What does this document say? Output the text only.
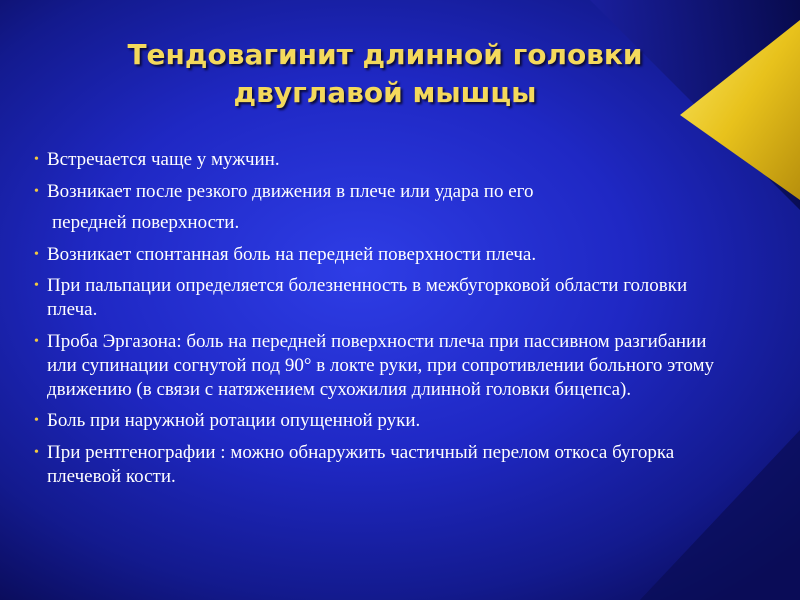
Тендовагинит длинной головки
двуглавой мышцы
• Встречается чаще у мужчин.
• Возникает после резкого движения в плече или удара по его
передней поверхности.
• Возникает спонтанная боль на передней поверхности плеча.
• При пальпации определяется болезненность в межбугорковой области головки плеча.
• Проба Эргазона: боль на передней поверхности плеча при пассивном разгибании или супинации согнутой под 90° в локте руки, при сопротивлении больного этому движению (в связи с натяжением сухожилия длинной головки бицепса).
• Боль при наружной ротации опущенной руки.
• При рентгенографии : можно обнаружить частичный перелом откоса бугорка плечевой кости.
